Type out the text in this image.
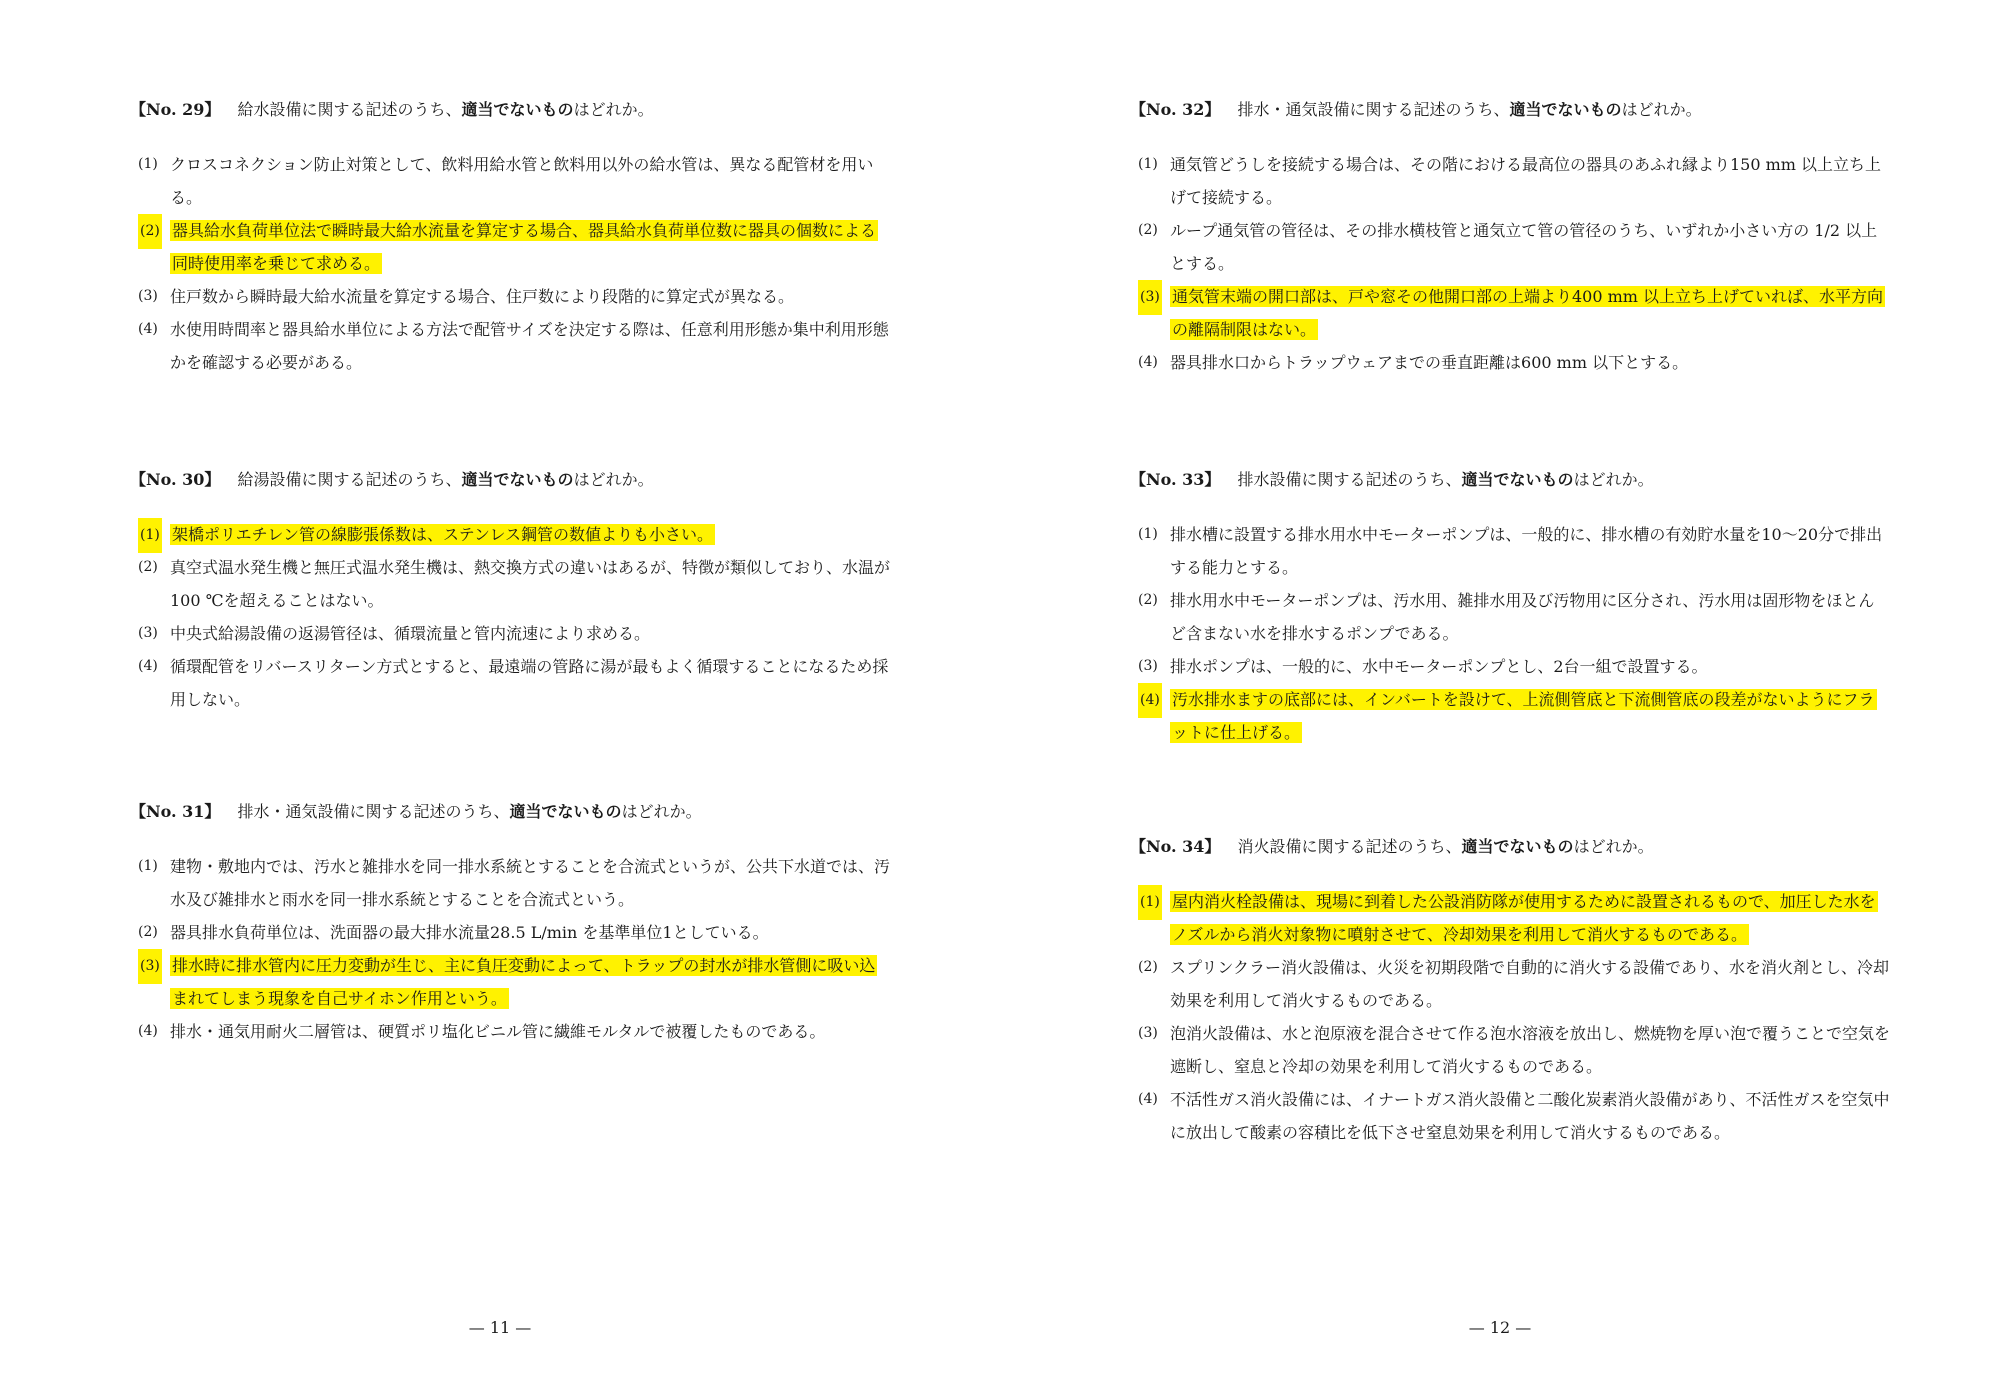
【No. 29】 給水設備に関する記述のうち、適当でないものはどれか。
(1) クロスコネクション防止対策として、飲料用給水管と飲料用以外の給水管は、異なる配管材を用いる。
(2) 器具給水負荷単位法で瞬時最大給水流量を算定する場合、器具給水負荷単位数に器具の個数による同時使用率を乗じて求める。
(3) 住戸数から瞬時最大給水流量を算定する場合、住戸数により段階的に算定式が異なる。
(4) 水使用時間率と器具給水単位による方法で配管サイズを決定する際は、任意利用形態か集中利用形態かを確認する必要がある。
【No. 30】 給湯設備に関する記述のうち、適当でないものはどれか。
(1) 架橋ポリエチレン管の線膨張係数は、ステンレス鋼管の数値よりも小さい。
(2) 真空式温水発生機と無圧式温水発生機は、熱交換方式の違いはあるが、特徴が類似しており、水温が100 ℃を超えることはない。
(3) 中央式給湯設備の返湯管径は、循環流量と管内流速により求める。
(4) 循環配管をリバースリターン方式とすると、最遠端の管路に湯が最もよく循環することになるため採用しない。
【No. 31】 排水・通気設備に関する記述のうち、適当でないものはどれか。
(1) 建物・敷地内では、汚水と雑排水を同一排水系統とすることを合流式というが、公共下水道では、汚水及び雑排水と雨水を同一排水系統とすることを合流式という。
(2) 器具排水負荷単位は、洗面器の最大排水流量28.5 L/min を基準単位1としている。
(3) 排水時に排水管内に圧力変動が生じ、主に負圧変動によって、トラップの封水が排水管側に吸い込まれてしまう現象を自己サイホン作用という。
(4) 排水・通気用耐火二層管は、硬質ポリ塩化ビニル管に繊維モルタルで被覆したものである。
— 11 —
【No. 32】 排水・通気設備に関する記述のうち、適当でないものはどれか。
(1) 通気管どうしを接続する場合は、その階における最高位の器具のあふれ縁より150 mm 以上立ち上げて接続する。
(2) ループ通気管の管径は、その排水横枝管と通気立て管の管径のうち、いずれか小さい方の 1/2 以上とする。
(3) 通気管末端の開口部は、戸や窓その他開口部の上端より400 mm 以上立ち上げていれば、水平方向の離隔制限はない。
(4) 器具排水口からトラップウェアまでの垂直距離は600 mm 以下とする。
【No. 33】 排水設備に関する記述のうち、適当でないものはどれか。
(1) 排水槽に設置する排水用水中モーターポンプは、一般的に、排水槽の有効貯水量を10～20分で排出する能力とする。
(2) 排水用水中モーターポンプは、汚水用、雑排水用及び汚物用に区分され、汚水用は固形物をほとんど含まない水を排水するポンプである。
(3) 排水ポンプは、一般的に、水中モーターポンプとし、2台一組で設置する。
(4) 汚水排水ますの底部には、インバートを設けて、上流側管底と下流側管底の段差がないようにフラットに仕上げる。
【No. 34】 消火設備に関する記述のうち、適当でないものはどれか。
(1) 屋内消火栓設備は、現場に到着した公設消防隊が使用するために設置されるもので、加圧した水をノズルから消火対象物に噴射させて、冷却効果を利用して消火するものである。
(2) スプリンクラー消火設備は、火災を初期段階で自動的に消火する設備であり、水を消火剤とし、冷却効果を利用して消火するものである。
(3) 泡消火設備は、水と泡原液を混合させて作る泡水溶液を放出し、燃焼物を厚い泡で覆うことで空気を遮断し、窒息と冷却の効果を利用して消火するものである。
(4) 不活性ガス消火設備には、イナートガス消火設備と二酸化炭素消火設備があり、不活性ガスを空気中に放出して酸素の容積比を低下させ窒息効果を利用して消火するものである。
— 12 —
